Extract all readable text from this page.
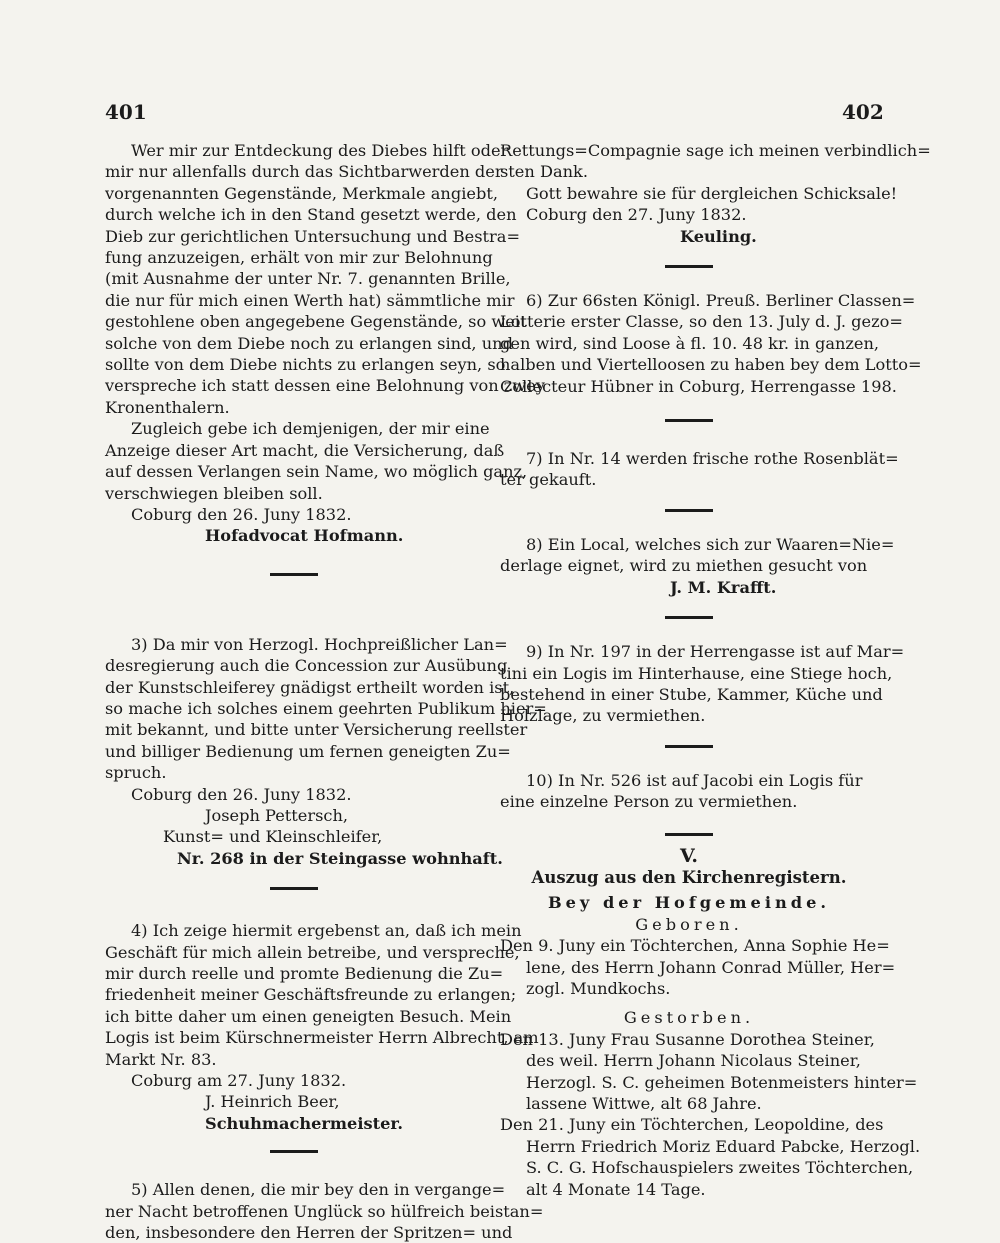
401	402
Wer mir zur Entdeckung des Diebes hilft oder
mir nur allenfalls durch das Sichtbarwerden der
vorgenannten Gegenstände, Merkmale angiebt,
durch welche ich in den Stand gesetzt werde, den
Dieb zur gerichtlichen Untersuchung und Bestra=
fung anzuzeigen, erhält von mir zur Belohnung
(mit Ausnahme der unter Nr. 7. genannten Brille,
die nur für mich einen Werth hat) sämmtliche mir
gestohlene oben angegebene Gegenstände, so weit
solche von dem Diebe noch zu erlangen sind, und
sollte von dem Diebe nichts zu erlangen seyn, so
verspreche ich statt dessen eine Belohnung von zwey
Kronenthalern.
Zugleich gebe ich demjenigen, der mir eine
Anzeige dieser Art macht, die Versicherung, daß
auf dessen Verlangen sein Name, wo möglich ganz,
verschwiegen bleiben soll.
Coburg den 26. Juny 1832.
Hofadvocat Hofmann.
3) Da mir von Herzogl. Hochpreißlicher Lan=
desregierung auch die Concession zur Ausübung
der Kunstschleiferey gnädigst ertheilt worden ist,
so mache ich solches einem geehrten Publikum hier=
mit bekannt, und bitte unter Versicherung reellster
und billiger Bedienung um fernen geneigten Zu=
spruch.
Coburg den 26. Juny 1832.
Joseph Pettersch,
Kunst= und Kleinschleifer,
Nr. 268 in der Steingasse wohnhaft.
4) Ich zeige hiermit ergebenst an, daß ich mein
Geschäft für mich allein betreibe, und verspreche,
mir durch reelle und promte Bedienung die Zu=
friedenheit meiner Geschäftsfreunde zu erlangen;
ich bitte daher um einen geneigten Besuch. Mein
Logis ist beim Kürschnermeister Herrn Albrecht, am
Markt Nr. 83.
Coburg am 27. Juny 1832.
J. Heinrich Beer,
Schuhmachermeister.
5) Allen denen, die mir bey den in vergange=
ner Nacht betroffenen Unglück so hülfreich beistan=
den, insbesondere den Herren der Spritzen= und
Rettungs=Compagnie sage ich meinen verbindlich=
sten Dank.
Gott bewahre sie für dergleichen Schicksale!
Coburg den 27. Juny 1832.
Keuling.
6) Zur 66sten Königl. Preuß. Berliner Classen=
Lotterie erster Classe, so den 13. July d. J. gezo=
gen wird, sind Loose à fl. 10. 48 kr. in ganzen,
halben und Viertelloosen zu haben bey dem Lotto=
Collecteur Hübner in Coburg, Herrengasse 198.
7) In Nr. 14 werden frische rothe Rosenblät=
ter gekauft.
8) Ein Local, welches sich zur Waaren=Nie=
derlage eignet, wird zu miethen gesucht von
J. M. Krafft.
9) In Nr. 197 in der Herrengasse ist auf Mar=
tini ein Logis im Hinterhause, eine Stiege hoch,
bestehend in einer Stube, Kammer, Küche und
Holzlage, zu vermiethen.
10) In Nr. 526 ist auf Jacobi ein Logis für
eine einzelne Person zu vermiethen.
V.
Auszug aus den Kirchenregistern.
Bey der Hofgemeinde.
Geboren.
Den 9. Juny ein Töchterchen, Anna Sophie He=
lene, des Herrn Johann Conrad Müller, Her=
zogl. Mundkochs.
Gestorben.
Den 13. Juny Frau Susanne Dorothea Steiner,
des weil. Herrn Johann Nicolaus Steiner,
Herzogl. S. C. geheimen Botenmeisters hinter=
lassene Wittwe, alt 68 Jahre.
Den 21. Juny ein Töchterchen, Leopoldine, des
Herrn Friedrich Moriz Eduard Pabcke, Herzogl.
S. C. G. Hofschauspielers zweites Töchterchen,
alt 4 Monate 14 Tage.
